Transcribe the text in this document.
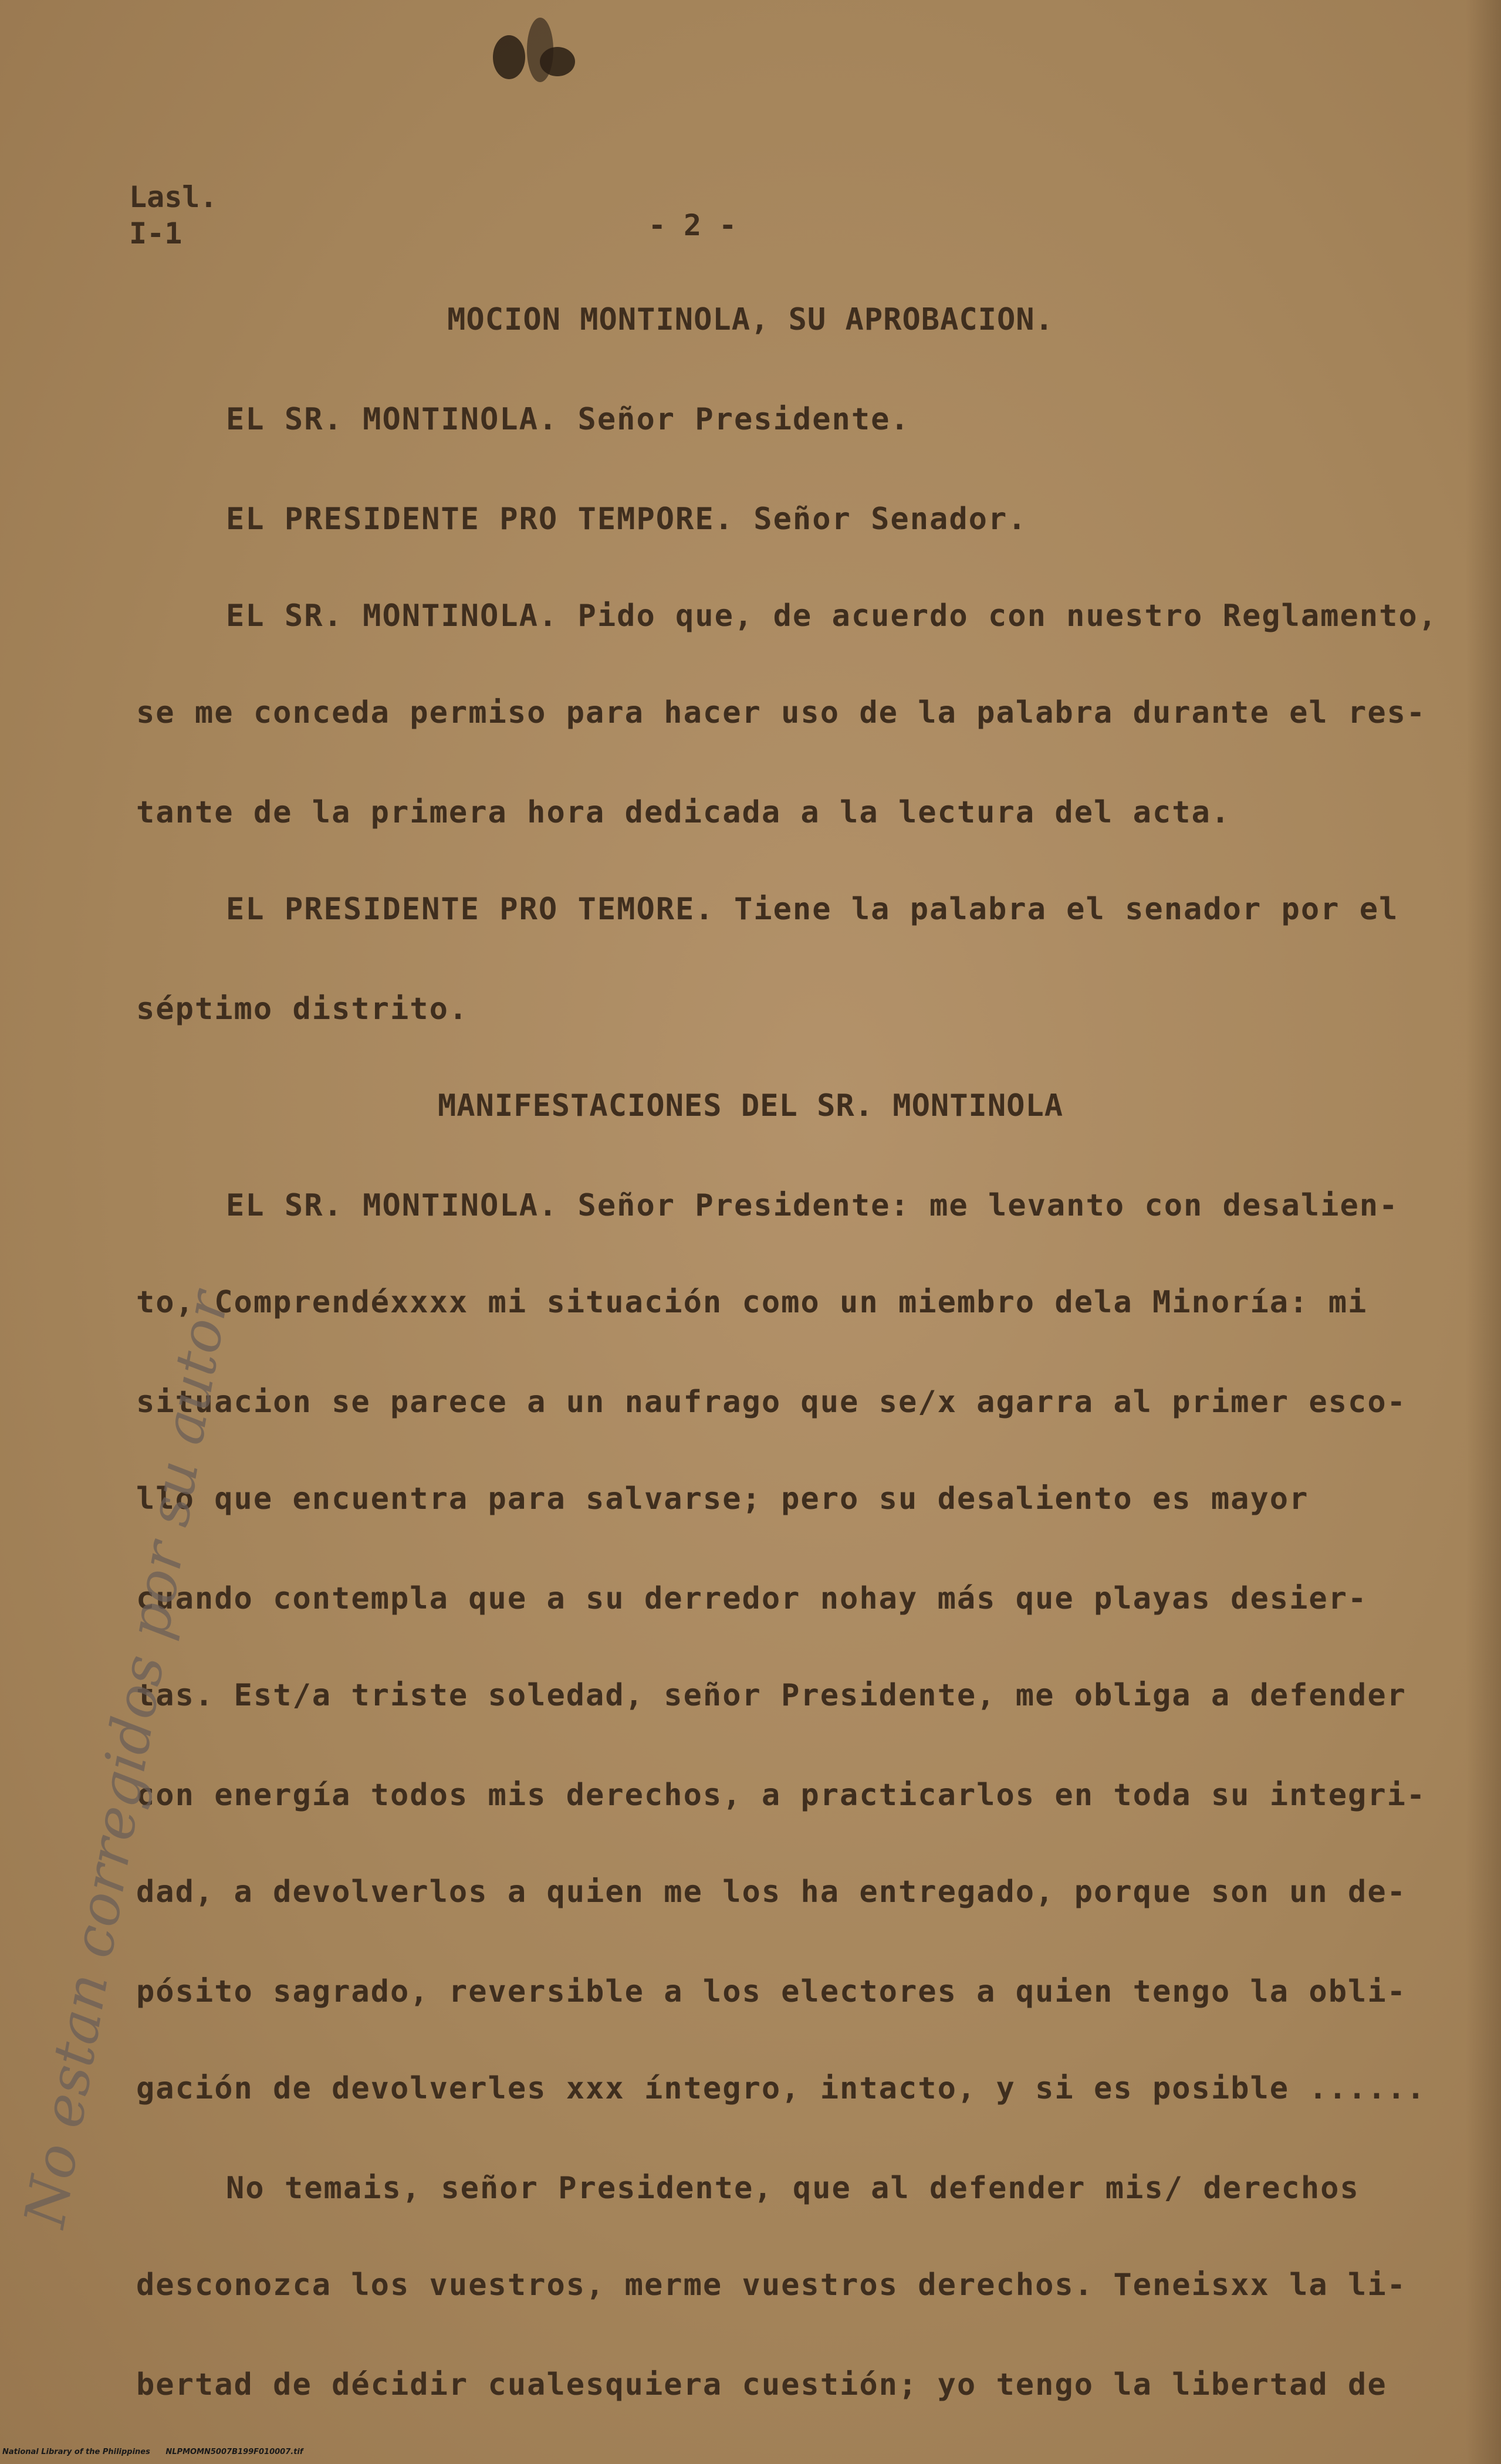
Lasl.
I-1	- 2 -
MOCION MONTINOLA, SU APROBACION.
EL SR. MONTINOLA. Señor Presidente.
EL PRESIDENTE PRO TEMPORE. Señor Senador.
EL SR. MONTINOLA. Pido que, de acuerdo con nuestro Reglamento,
se me conceda permiso para hacer uso de la palabra durante el res-
tante de la primera hora dedicada a la lectura del acta.
EL PRESIDENTE PRO TEMORE. Tiene la palabra el senador por el
séptimo distrito.
MANIFESTACIONES DEL SR. MONTINOLA
EL SR. MONTINOLA. Señor Presidente: me levanto con desalien-
to, Comprendéxxxx mi situación como un miembro dela Minoría: mi
situacion se parece a un naufrago que se/x agarra al primer esco-
llo que encuentra para salvarse; pero su desaliento es mayor
cuando contempla que a su derredor nohay más que playas desier-
tas. Est/a triste soledad, señor Presidente, me obliga a defender
con energía todos mis derechos, a practicarlos en toda su integri-
dad, a devolverlos a quien me los ha entregado, porque son un de-
pósito sagrado, reversible a los electores a quien tengo la obli-
gación de devolverles xxx íntegro, intacto, y si es posible ......
No temais, señor Presidente, que al defender mis/ derechos
desconozca los vuestros, merme vuestros derechos. Teneisxx la li-
bertad de décidir cualesquiera cuestión; yo tengo la libertad de
No estan corregidos por su autor
National Library of the Philippines NLPMOMN5007B199F010007.tif
